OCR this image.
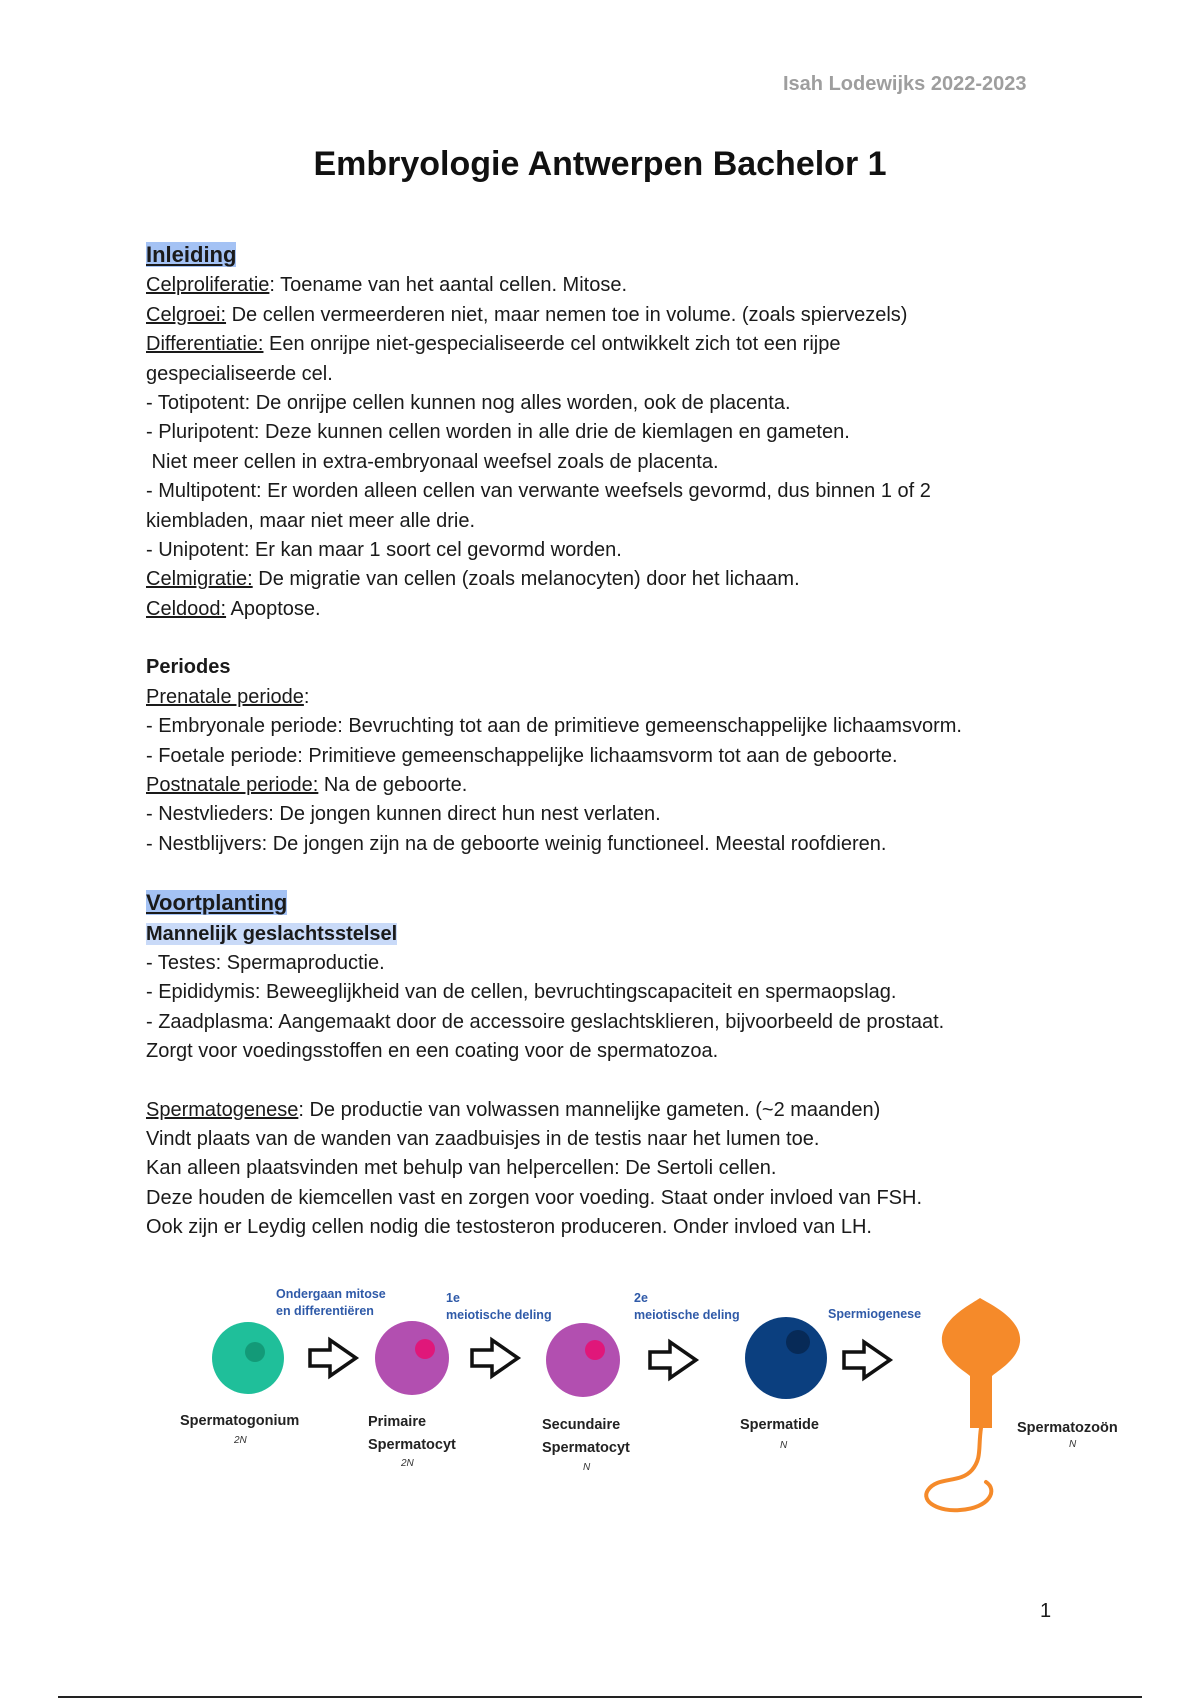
Isah Lodewijks 2022-2023
Embryologie Antwerpen Bachelor 1
Inleiding
Celproliferatie: Toename van het aantal cellen. Mitose.
Celgroei: De cellen vermeerderen niet, maar nemen toe in volume. (zoals spiervezels)
Differentiatie: Een onrijpe niet-gespecialiseerde cel ontwikkelt zich tot een rijpe
gespecialiseerde cel.
- Totipotent: De onrijpe cellen kunnen nog alles worden, ook de placenta.
- Pluripotent: Deze kunnen cellen worden in alle drie de kiemlagen en gameten.
Niet meer cellen in extra-embryonaal weefsel zoals de placenta.
- Multipotent: Er worden alleen cellen van verwante weefsels gevormd, dus binnen 1 of 2
kiembladen, maar niet meer alle drie.
- Unipotent: Er kan maar 1 soort cel gevormd worden.
Celmigratie: De migratie van cellen (zoals melanocyten) door het lichaam.
Celdood: Apoptose.
Periodes
Prenatale periode:
- Embryonale periode: Bevruchting tot aan de primitieve gemeenschappelijke lichaamsvorm.
- Foetale periode: Primitieve gemeenschappelijke lichaamsvorm tot aan de geboorte.
Postnatale periode: Na de geboorte.
- Nestvlieders: De jongen kunnen direct hun nest verlaten.
- Nestblijvers: De jongen zijn na de geboorte weinig functioneel. Meestal roofdieren.
Voortplanting
Mannelijk geslachtsstelsel
- Testes: Spermaproductie.
- Epididymis: Beweeglijkheid van de cellen, bevruchtingscapaciteit en spermaopslag.
- Zaadplasma: Aangemaakt door de accessoire geslachtsklieren, bijvoorbeeld de prostaat.
Zorgt voor voedingsstoffen en een coating voor de spermatozoa.
Spermatogenese: De productie van volwassen mannelijke gameten. (~2 maanden)
Vindt plaats van de wanden van zaadbuisjes in de testis naar het lumen toe.
Kan alleen plaatsvinden met behulp van helpercellen: De Sertoli cellen.
Deze houden de kiemcellen vast en zorgen voor voeding. Staat onder invloed van FSH.
Ook zijn er Leydig cellen nodig die testosteron produceren. Onder invloed van LH.
Ondergaan mitose
en differentiëren
1e
meiotische deling
2e
meiotische deling	Spermiogenese
Spermatogonium	Primaire
Spermatocyt
Secundaire
Spermatocyt
Spermatide	Spermatozoön
2N
2N	N
N	N
1
